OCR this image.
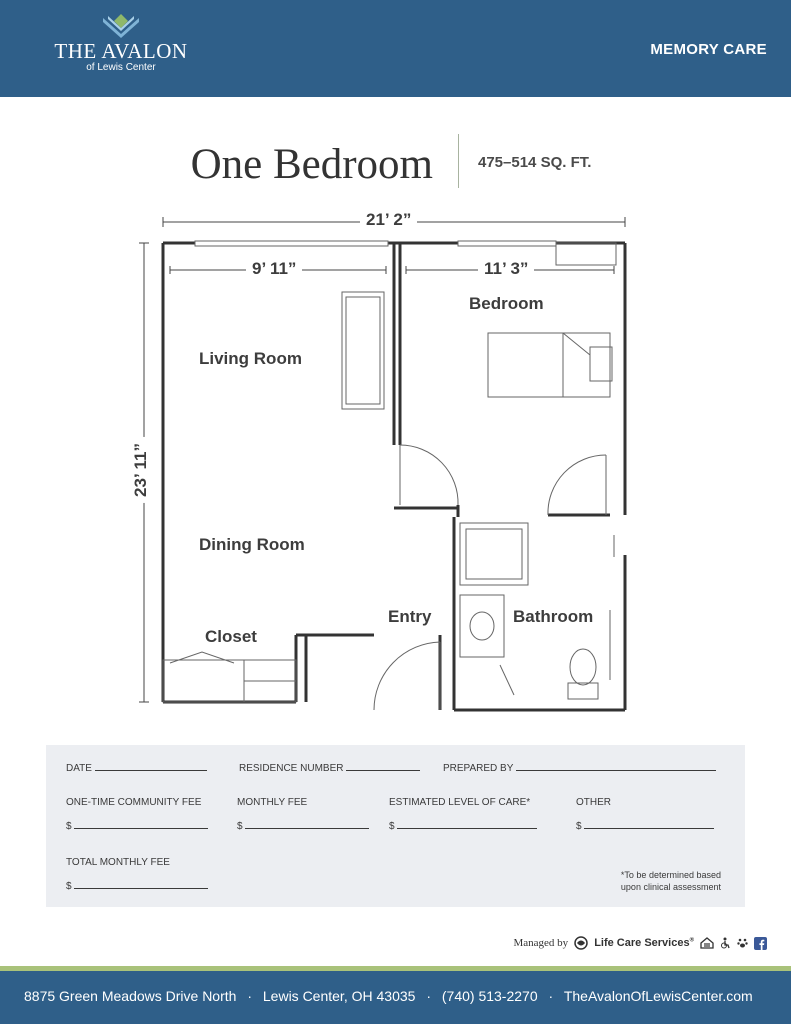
THE AVALON
of Lewis Center
MEMORY CARE
One Bedroom	475–514 SQ. FT.
21’ 2”
9’ 11”	11’ 3”
23’ 11”
Living Room
Dining Room
Closet
Bedroom
Entry	Bathroom
DATE	RESIDENCE NUMBER	PREPARED BY
ONE-TIME COMMUNITY FEE	MONTHLY FEE	ESTIMATED LEVEL OF CARE*	OTHER
$	$	$	$
TOTAL MONTHLY FEE
$
*To be determined based
upon clinical assessment
Managed by Life Care Services®
8875 Green Meadows Drive North · Lewis Center, OH 43035 · (740) 513-2270 · TheAvalonOfLewisCenter.com
